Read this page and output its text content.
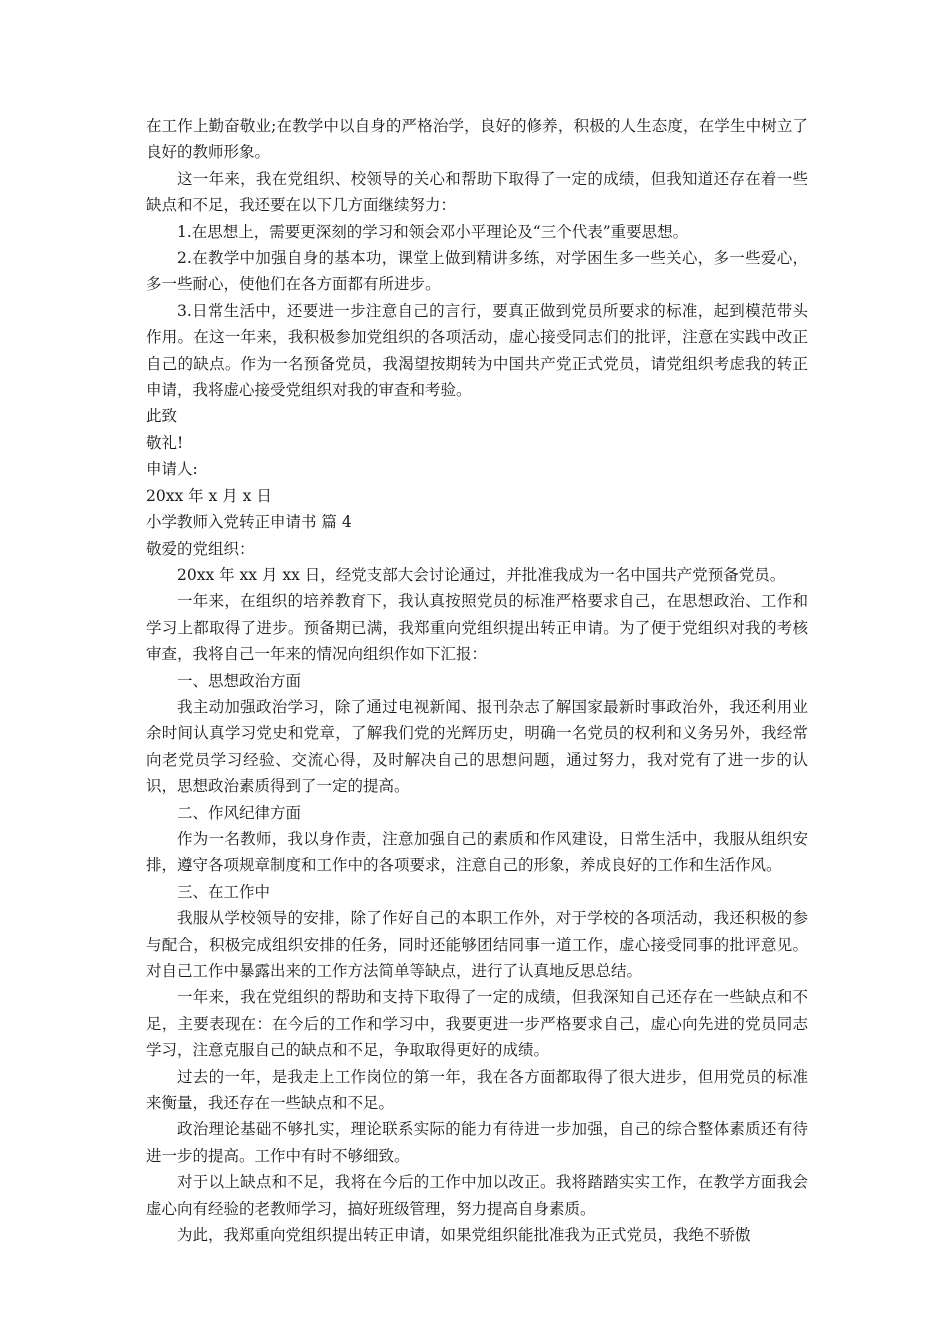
在工作上勤奋敬业;在教学中以自身的严格治学，良好的修养，积极的人生态度，在学生中树立了良好的教师形象。

这一年来，我在党组织、校领导的关心和帮助下取得了一定的成绩，但我知道还存在着一些缺点和不足，我还要在以下几方面继续努力：

1.在思想上，需要更深刻的学习和领会邓小平理论及“三个代表”重要思想。

2.在教学中加强自身的基本功，课堂上做到精讲多练，对学困生多一些关心，多一些爱心，多一些耐心，使他们在各方面都有所进步。

3.日常生活中，还要进一步注意自己的言行，要真正做到党员所要求的标准，起到模范带头作用。在这一年来，我积极参加党组织的各项活动，虚心接受同志们的批评，注意在实践中改正自己的缺点。作为一名预备党员，我渴望按期转为中国共产党正式党员，请党组织考虑我的转正申请，我将虚心接受党组织对我的审查和考验。

此致

敬礼!

申请人:

20xx 年 x 月 x 日

小学教师入党转正申请书 篇 4

敬爱的党组织：

20xx 年 xx 月 xx 日，经党支部大会讨论通过，并批准我成为一名中国共产党预备党员。

一年来，在组织的培养教育下，我认真按照党员的标准严格要求自己，在思想政治、工作和学习上都取得了进步。预备期已满，我郑重向党组织提出转正申请。为了便于党组织对我的考核审查，我将自己一年来的情况向组织作如下汇报：

一、思想政治方面

我主动加强政治学习，除了通过电视新闻、报刊杂志了解国家最新时事政治外，我还利用业余时间认真学习党史和党章，了解我们党的光辉历史，明确一名党员的权利和义务另外，我经常向老党员学习经验、交流心得，及时解决自己的思想问题，通过努力，我对党有了进一步的认识，思想政治素质得到了一定的提高。

二、作风纪律方面

作为一名教师，我以身作责，注意加强自己的素质和作风建设，日常生活中，我服从组织安排，遵守各项规章制度和工作中的各项要求，注意自己的形象，养成良好的工作和生活作风。

三、在工作中

我服从学校领导的安排，除了作好自己的本职工作外，对于学校的各项活动，我还积极的参与配合，积极完成组织安排的任务，同时还能够团结同事一道工作，虚心接受同事的批评意见。对自己工作中暴露出来的工作方法简单等缺点，进行了认真地反思总结。

一年来，我在党组织的帮助和支持下取得了一定的成绩，但我深知自己还存在一些缺点和不足，主要表现在：在今后的工作和学习中，我要更进一步严格要求自己，虚心向先进的党员同志学习，注意克服自己的缺点和不足，争取取得更好的成绩。

过去的一年，是我走上工作岗位的第一年，我在各方面都取得了很大进步，但用党员的标准来衡量，我还存在一些缺点和不足。

政治理论基础不够扎实，理论联系实际的能力有待进一步加强，自己的综合整体素质还有待进一步的提高。工作中有时不够细致。

对于以上缺点和不足，我将在今后的工作中加以改正。我将踏踏实实工作，在教学方面我会虚心向有经验的老教师学习，搞好班级管理，努力提高自身素质。

为此，我郑重向党组织提出转正申请，如果党组织能批准我为正式党员，我绝不骄傲
